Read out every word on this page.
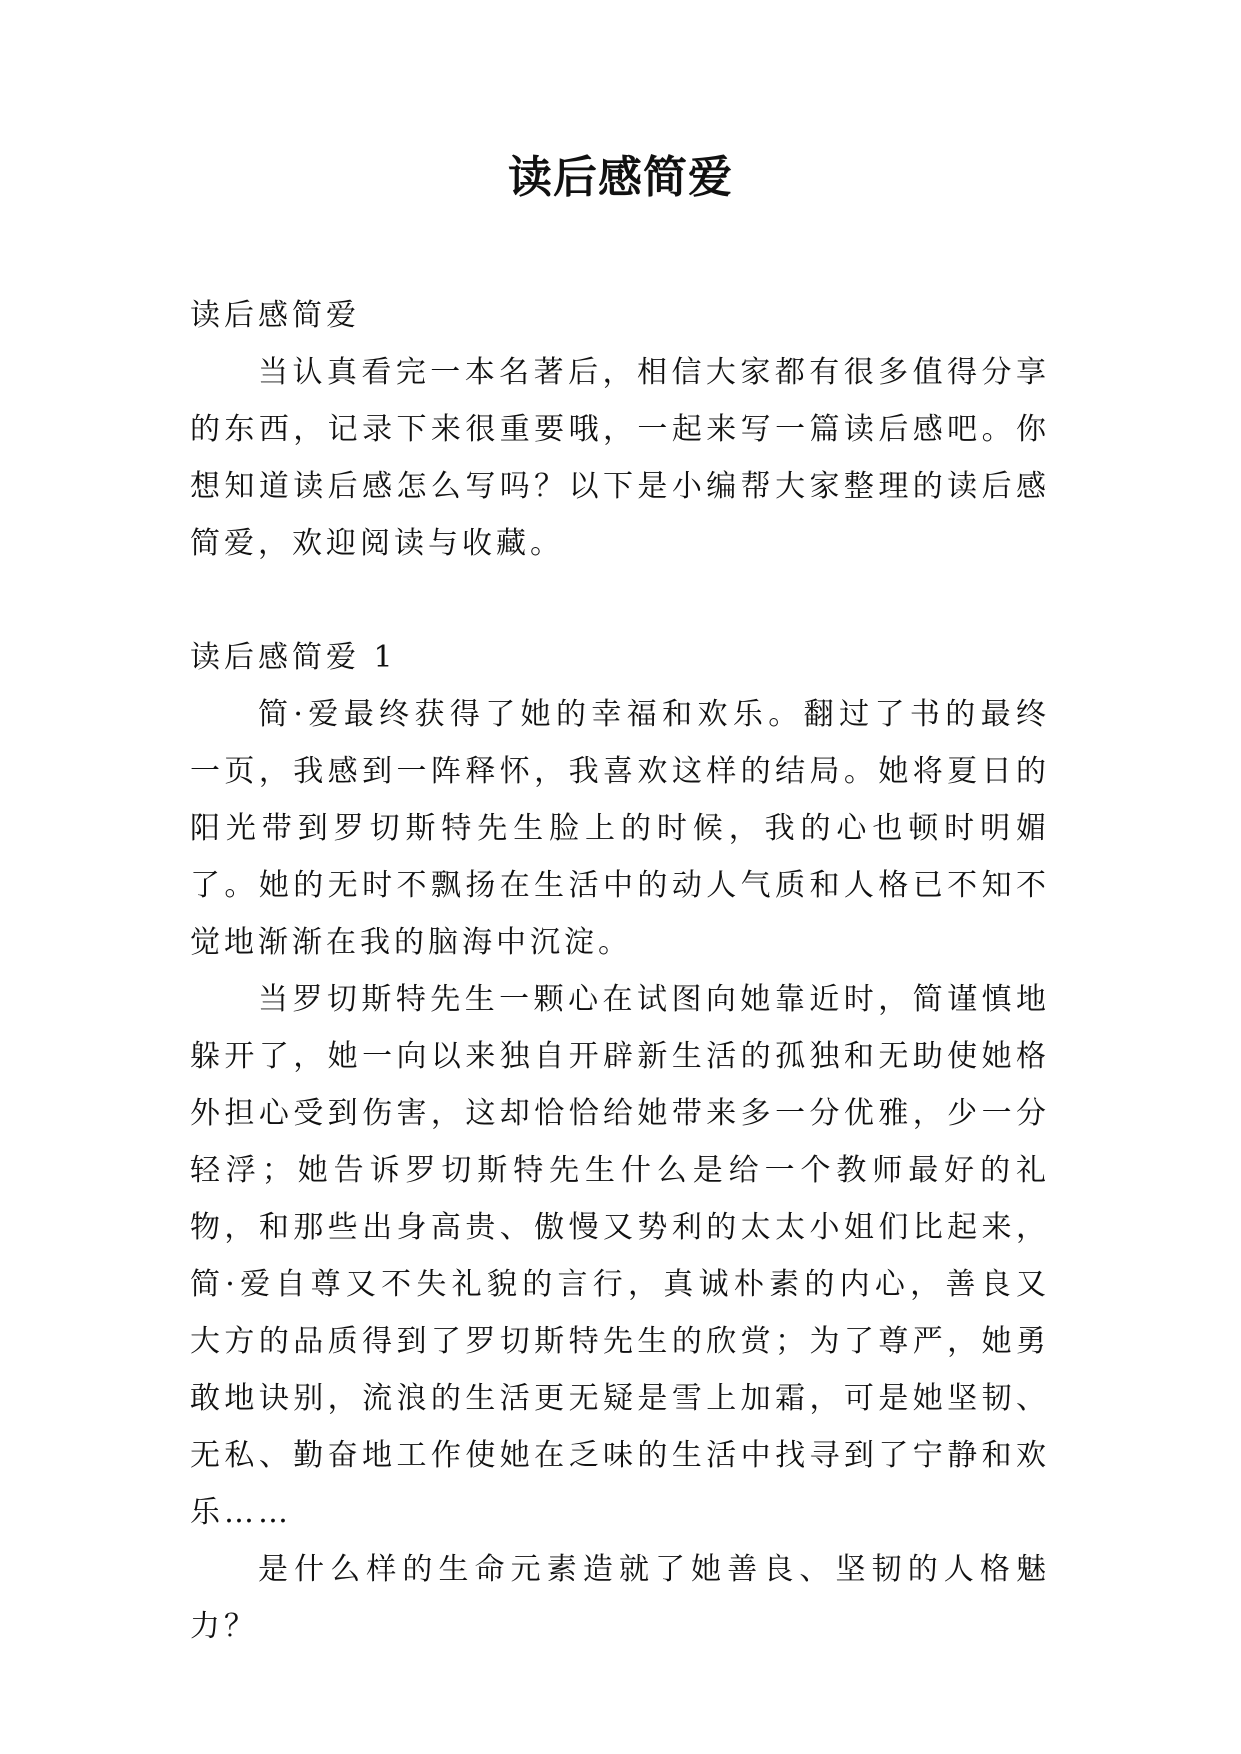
读后感简爱

读后感简爱

当认真看完一本名著后，相信大家都有很多值得分享的东西，记录下来很重要哦，一起来写一篇读后感吧。你想知道读后感怎么写吗？以下是小编帮大家整理的读后感简爱，欢迎阅读与收藏。

读后感简爱 1

简·爱最终获得了她的幸福和欢乐。翻过了书的最终一页，我感到一阵释怀，我喜欢这样的结局。她将夏日的阳光带到罗切斯特先生脸上的时候，我的心也顿时明媚了。她的无时不飘扬在生活中的动人气质和人格已不知不觉地渐渐在我的脑海中沉淀。

当罗切斯特先生一颗心在试图向她靠近时，简谨慎地躲开了，她一向以来独自开辟新生活的孤独和无助使她格外担心受到伤害，这却恰恰给她带来多一分优雅，少一分轻浮；她告诉罗切斯特先生什么是给一个教师最好的礼物，和那些出身高贵、傲慢又势利的太太小姐们比起来，简·爱自尊又不失礼貌的言行，真诚朴素的内心，善良又大方的品质得到了罗切斯特先生的欣赏；为了尊严，她勇敢地诀别，流浪的生活更无疑是雪上加霜，可是她坚韧、无私、勤奋地工作使她在乏味的生活中找寻到了宁静和欢乐……

是什么样的生命元素造就了她善良、坚韧的人格魅力？
